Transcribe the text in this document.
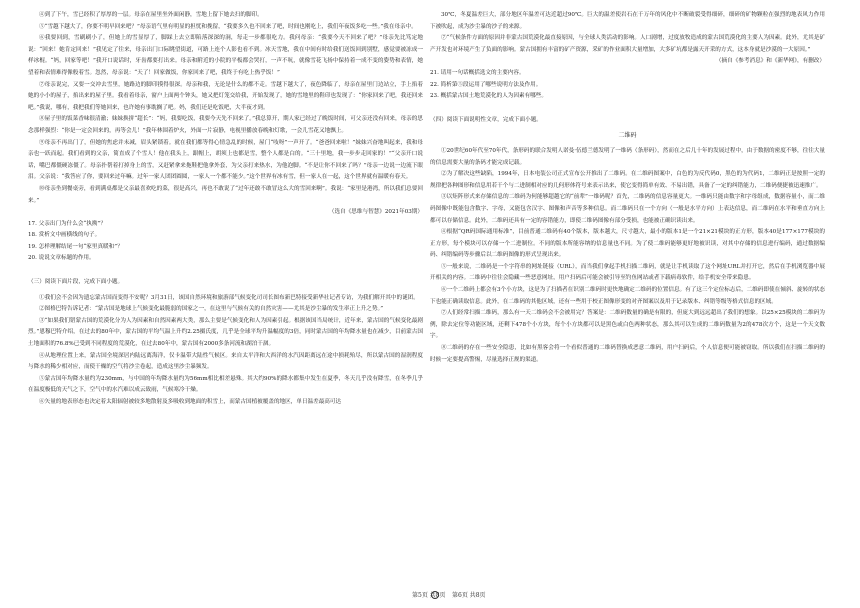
④到了下午，雪已经积了厚厚的一层。母亲在屋里坐外面闲静，雪地上留下她去扫的脚印。

⑤“雪越下越大了，你要不明早回来吧？”母亲语气里有明显的担忧和挽留，“我要多久也不回来了吧，时间也刚吃上，我们年夜饭多吃一些。”我在母亲中。

⑥我要回到，雪刷刷小了，但她上的雪显厚了，脚踩上去立即陷落深深的洞，每走一步都很吃力。我问母亲：“我要今天不回来了吧？”母亲先比笃定地说：“回来！她肯定回来！”我见定了往来，母亲出门口际眺望街道，可路上连个人影也看不到。冰天雪地，我在中间有时给我们送饭回到别墅，感觉要被冻成一样冰棍。“妈，回家等吧！”我开口说话时，牙齿都要打出来。母亲和附近的小院的平板都会哭打，一声不吭，就像雪花飞扬中保持着一成不变的姿势和表情，她望着和表情难得像般着雪。忽然，母亲说：“天了！回家做饭，你家回来了吧，我终于有吃上热乎饭！”

⑦母亲说完，又要一交冲去雪里，她路边的脚印摸得很深。母亲和我，无论是什么的都不走。雪越下越大了，夜色降临了，母亲在屋里门边站立，手上掐着她的小小的屋子，掐出来的屋子里。我看着母亲，窗户上面两个钟头，她又把灯笼交给我，开始发现了，她的雪地里的鞋印也发现了：“你家回来了吧，我还回来吧。”我说，哪有，我把我们等她回来，也许她有事耽搁了吧。妈，我们还是吃饭吧，大半夜才到。

⑧屋子里的饭菜香味很清澈；妹妹换拼“超长”：“妈，我要吃饭，我要今天先不回来了。”我总算开，期人家已经过了晚饭时间，可父亲还没有回来，母亲的思念那样强烈：“你是一定会回来的，再等会儿！”我年林围着炉火，外面一片寂静，电视里播放春晚和灯歌，一会儿雪花又地飘上。

⑨母亲不再出门了，但她的焦虑并未减，眉头紧锁着。就在我们都等得心情急乱的时候，屋门“吱呀”一声开了。“爸爸回来啦！”妹妹兴奋地叫起来，我和母亲也一跃而起。我们看到的父亲，简直成了个雪人！他在我头上，跟帽上，胡须上也都是雪，整个人都是白的。“三十里地，我一步步走回家的！”“父亲开口说话，嘴巴都僵硬冻僵了。母亲扑帮着打掉身上的雪，又赶紧拿来拖鞋把他拿外套，为父亲打来热水，为他泡脚。“不是让你不回来了吗？”母亲一边说一边流下眼泪。父亲说：“我答应了你，要回来过年嘛。过年一家人团团圆圆，一家人一个都不能少。”这个世界有冰有雪，但一家人在一起，这个世界就有温暖有春天。

⑩母亲坐到餐桌旁，看到满桌都是父亲最喜欢吃的菜，很是高兴，再也不敢说了“过年还敢不敢冒这么大的雪回来啊”。我说：“家里是港湾，所以我们总要回来。”

（选自《思维与智慧》2021年03期）

17. 父亲出门为什么会“执拗”？

18. 赏析文中画横线的句子。

19. 怎样理解结尾一句“家里真暖和”？

20. 说说文章标题的作用。

（三）阅读下面片段，完成下面小题。

①我们会不会因为遗忘蒙古国而变得不安呢？3月31日，该国自然环境和旅游部气候变化司司长图布新巴特接受新华社记者专访，为我们解开其中的谜团。

②图格巴特告诉记者：“蒙古国是地球上气候变化最脆弱的国家之一，在这里与气候有关的自然灾害——尤其是沙尘暴的发生率正上升之势。”

③“如果我们错蒙古国的荒漠化分为人为因素和自然因素两大类，那么主要是气候变化和人为因素引起。根据该国当局统计，近年来，蒙古国的气候变化最剧烈。”恩穆巴特介绍，在过去的80年中，蒙古国的平均气温上升约2.25摄氏度，几乎是全球平均升温幅度的3倍，同时蒙古国的年均降水量也在减少，目前蒙古国土地面积的76.8%已受到不同程度的荒漠化，在过去80年中，蒙古国有2000多条河流和湖泊干涸。

④从地理位置上来，蒙古国全境深居内陆远离海洋，仅卡温带大陆性气候区。来自太平洋和大西洋的水汽因距离远在途中损耗殆尽，所以蒙古国的湿润程度与降水的稀少相对应，而使干燥的空气将沙尘卷起，造成这里沙尘暴频发。

⑤蒙古国年均降水量约为230mm，与中国的年均降水量约为56mm相比相差悬殊。其大约90%的降水都集中发生在夏季，冬天几乎没有降雪，在冬季几乎在温度极低的天气之下，空气中的水汽难以成云致雨，气候寒冷干燥。

⑥矢量的地表形态也决定着太阳辐射被较多地散射及多吸收到地面的积雪上，而蒙古国植被覆盖的地区，单日温差最高可达

30℃，冬夏温差巨大，部分地区年温差可达近超过90℃。巨大的温差使岩石在千万年的风化中不断破裂受得细碎，细碎的矿物颗粒在强烈的地表风力作用下被吹起，成为沙尘暴的沙子的来源。

⑦“气候条件方面的原因并非蒙古国荒漠化最直接原因，与全球人类活动的影响。人口剧增，过度放牧造成的蒙古国荒漠化的主要人为因素。此外，尤其是矿产开发也对环境产生了负面的影响。蒙古国拥有丰富的矿产资源，采矿的作业面积大量增加，大多矿坑都是露天开采的方式，这本身就是沙漠的一大原因。”

（摘自《参考消息》和《新华网》，有删改）

21. 请用一句话概括选文的主要内容。

22. 简析第⑤段运用了哪些说明方法及作用。

23. 概括蒙古国土地荒漠化的人为因素有哪些。

（四）阅读下面说明性文章，完成下面小题。

二维码

①20世纪60年代至70年代，条形码的联合发明人诺曼·伍德兰德发明了一维码（条形码），然而在之后几十年的发展过程中，由于数据的密度不够，往往大量的信息需要大量的条码才能完成记载。

②为了解决这些缺陷，1994年，日本电装公司正式宣布公开推出了二维码。在二维码图案中，白色的为反代码0，黑色的为代码1，二维码正是按照一定的规律把各种图形和信息用若干个与二进制相对应的几何形体符号来表示出来，使它变得简单有效、不易出错，具备了一定的纠错能力，二维码便捷被迅速推广。

③以矩阵形式来存储信息的二维码为何能够超越它的“前辈”一维码呢？首先，二维码的信息容量更大。一维码只能由数字和字母组成，数据容量小，而二维码图像中既能包含数字、字母，又能包含汉字、图像和声音等多种信息。而二维码只在一个方向（一般是水平方向）上表达信息，而二维码在水平和垂直方向上都可以存储信息。此外，二维码还具有一定的容错能力，即使二维码图像有部分受损，也能被正确识读出来。

④根据“QR码国际通用标准”，目前普通二维码有40个版本，版本越大，尺寸越大，最小的版本1是一个21×21模块的正方形，版本40是177×177模块的正方形，每个模块可以存储一个二进制位。不同的版本所能容纳的信息量也不同。为了使二维码能够更好地被识读，对其中存储的信息进行编码，通过数据编码、纠错编码等步骤后以二维码图像的形式呈现出来。

⑤一般来说，二维码是一个字符串的网址链接（URL），而当我们拿起手机扫描二维码，就是让手机读取了这个网址URL并打开它，然后在手机浏览器中展开相关的内容。二维码中往往会隐藏一些恶意网址，用户扫码后可能会被引导至钓鱼网站或者下载病毒软件，给手机安全带来隐患。

⑥一个二维码上都会有3个小方块，这是为了扫描者在识别二维码时更快地确定二维码的位置信息。有了这三个定位标志后，二维码即使在倾斜、旋转的状态下也能正确读取信息。此外，在二维码的其他区域，还有一些用于校正图像形变的对齐图案以及用于记录版本、纠错等级等格式信息的区域。

⑦人们经常扫描二维码，那么有一天二维码会不会被用完？答案是：二维码数量的确是有限的，但庞大到远远超出了我们的想象。以25×25模块的二维码为例，除去定位等功能区域，还剩下478个小方块，每个小方块都可以是黑色或白色两种状态，那么其可以生成的二维码数量为2的478次方个，这是一个天文数字。

⑧二维码的存在一些安全隐患，比如有黑客会将一个看似普通的二维码替换成恶意二维码，用户扫码后，个人信息便可能被窃取。所以我们在扫描二维码的时候一定要提高警惕，尽量选择正规的渠道。

第5页 共8页 第6页 共8页
